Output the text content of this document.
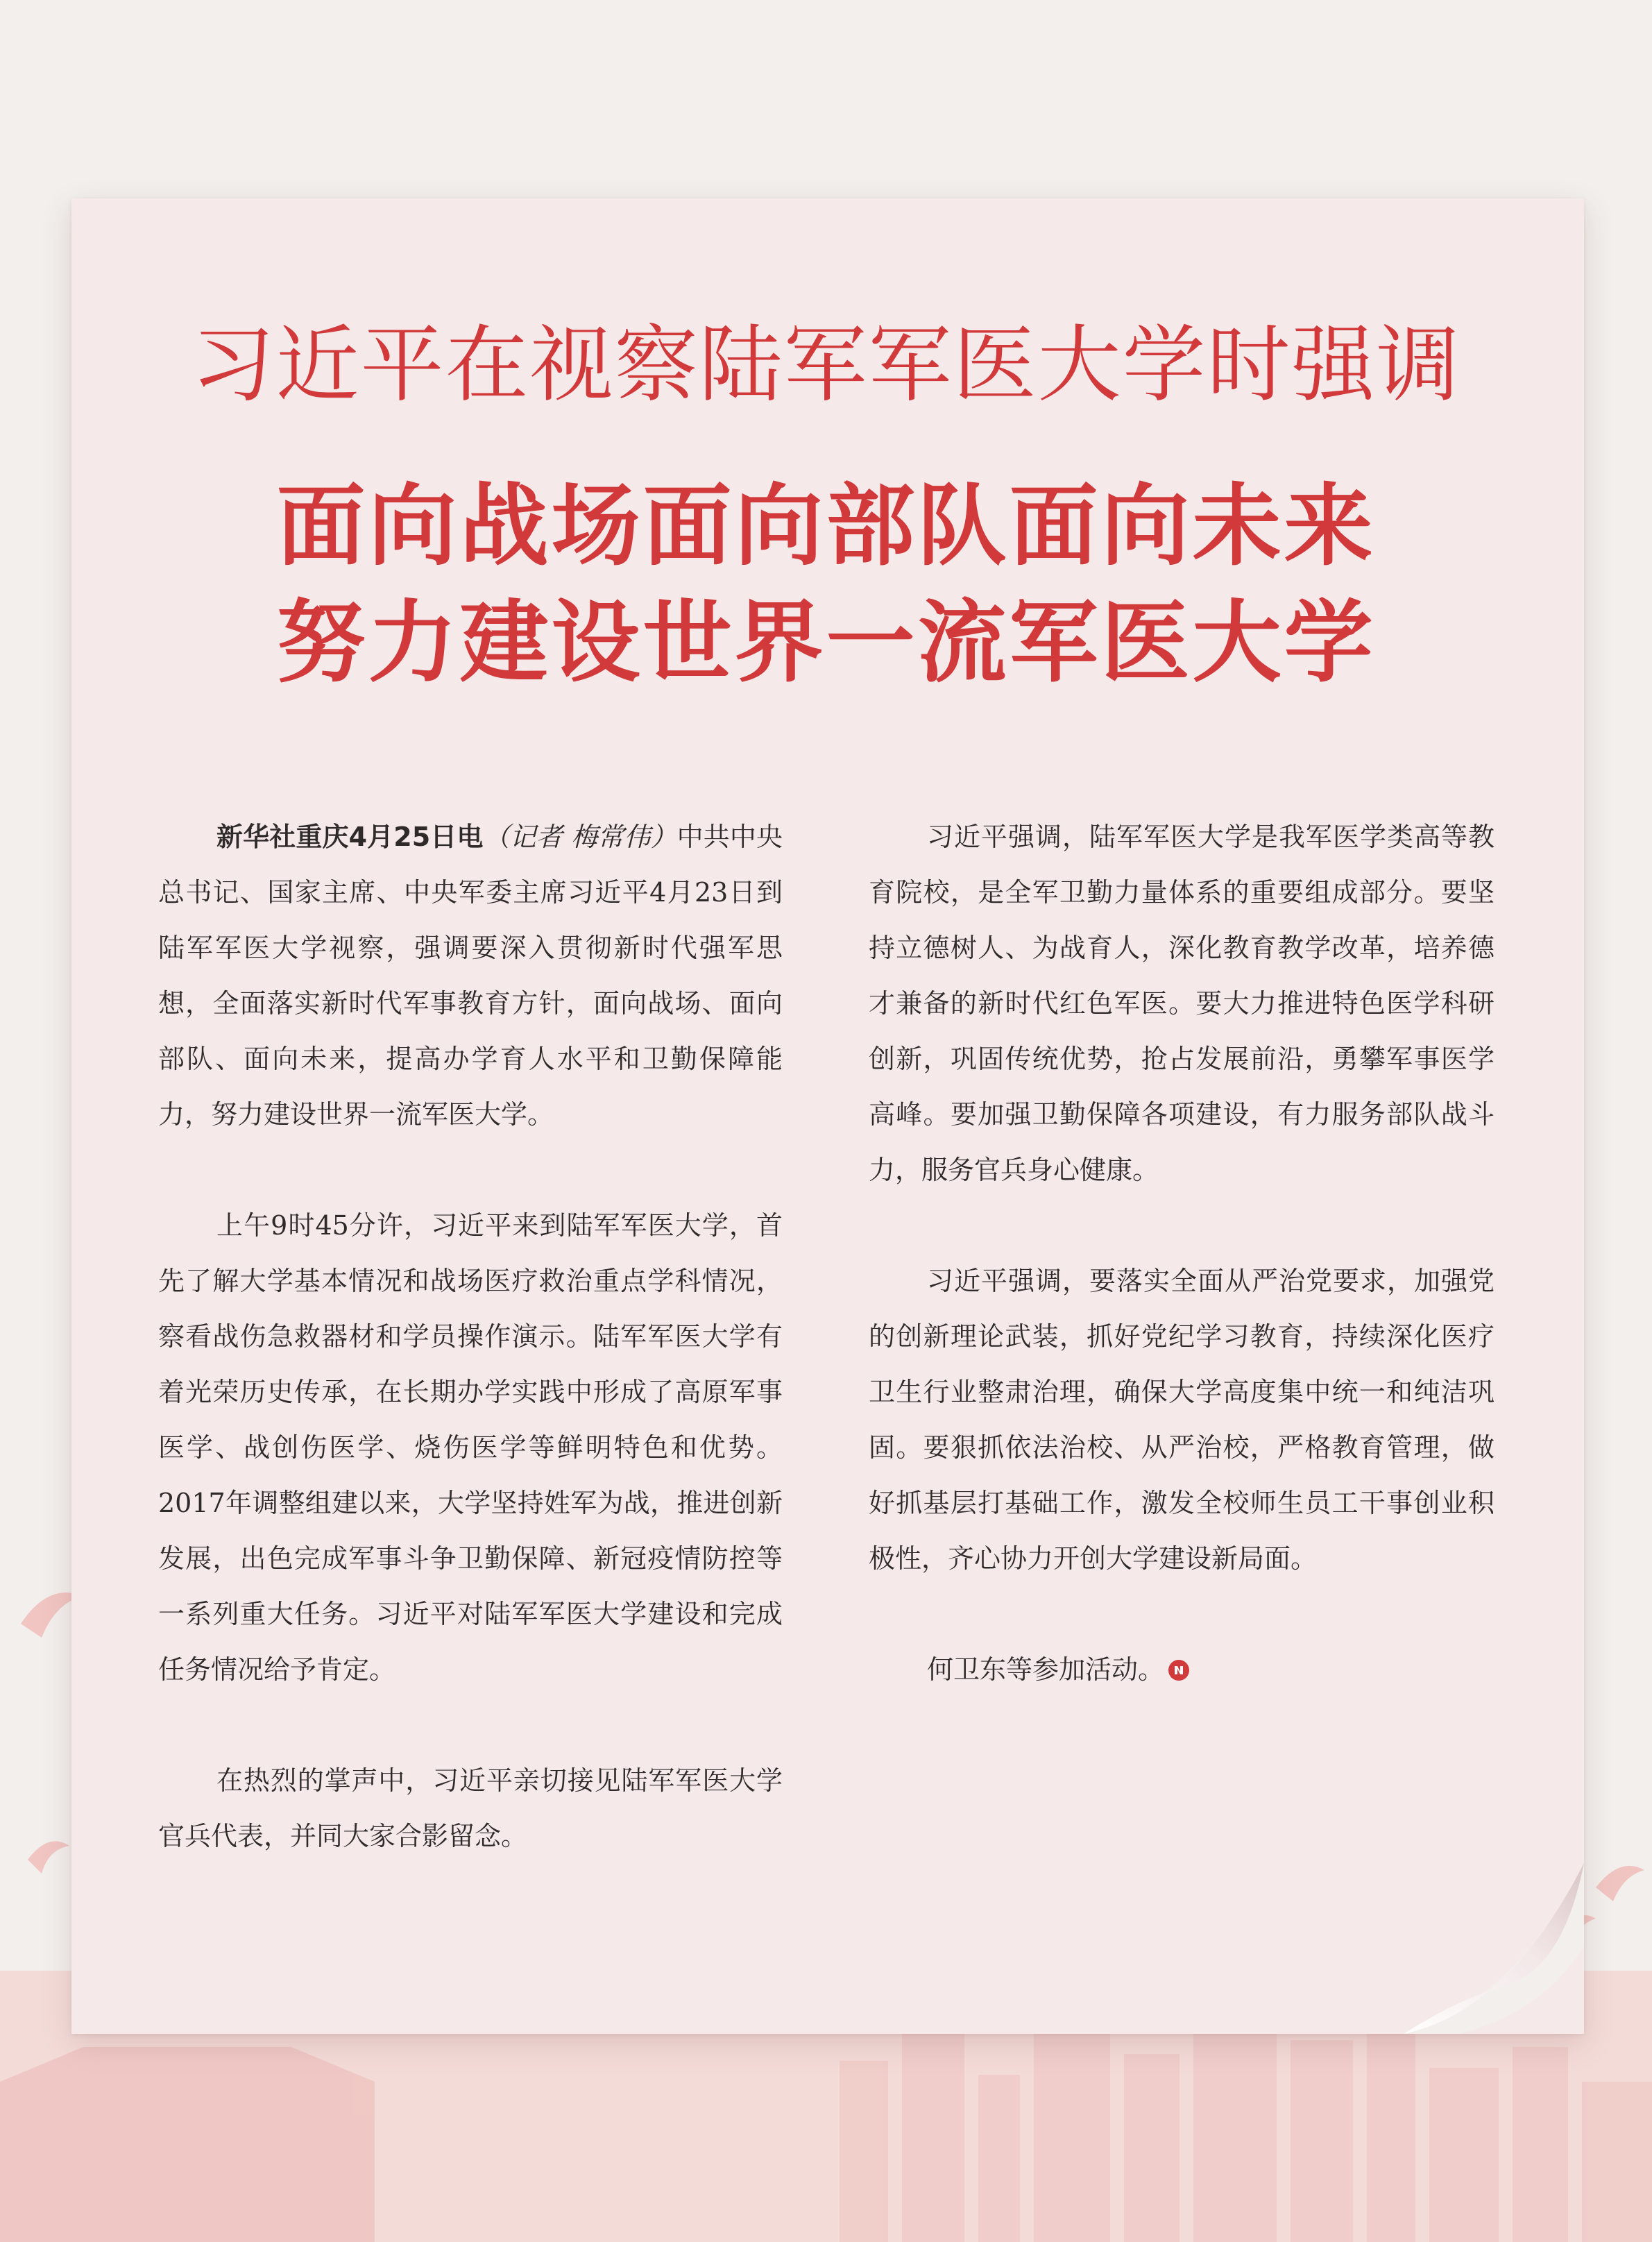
习近平在视察陆军军医大学时强调
面向战场面向部队面向未来
努力建设世界一流军医大学

新华社重庆4月25日电（记者 梅常伟）中共中央总书记、国家主席、中央军委主席习近平4月23日到陆军军医大学视察，强调要深入贯彻新时代强军思想，全面落实新时代军事教育方针，面向战场、面向部队、面向未来，提高办学育人水平和卫勤保障能力，努力建设世界一流军医大学。

上午9时45分许，习近平来到陆军军医大学，首先了解大学基本情况和战场医疗救治重点学科情况，察看战伤急救器材和学员操作演示。陆军军医大学有着光荣历史传承，在长期办学实践中形成了高原军事医学、战创伤医学、烧伤医学等鲜明特色和优势。2017年调整组建以来，大学坚持姓军为战，推进创新发展，出色完成军事斗争卫勤保障、新冠疫情防控等一系列重大任务。习近平对陆军军医大学建设和完成任务情况给予肯定。

在热烈的掌声中，习近平亲切接见陆军军医大学官兵代表，并同大家合影留念。

习近平强调，陆军军医大学是我军医学类高等教育院校，是全军卫勤力量体系的重要组成部分。要坚持立德树人、为战育人，深化教育教学改革，培养德才兼备的新时代红色军医。要大力推进特色医学科研创新，巩固传统优势，抢占发展前沿，勇攀军事医学高峰。要加强卫勤保障各项建设，有力服务部队战斗力，服务官兵身心健康。

习近平强调，要落实全面从严治党要求，加强党的创新理论武装，抓好党纪学习教育，持续深化医疗卫生行业整肃治理，确保大学高度集中统一和纯洁巩固。要狠抓依法治校、从严治校，严格教育管理，做好抓基层打基础工作，激发全校师生员工干事创业积极性，齐心协力开创大学建设新局面。

何卫东等参加活动。
